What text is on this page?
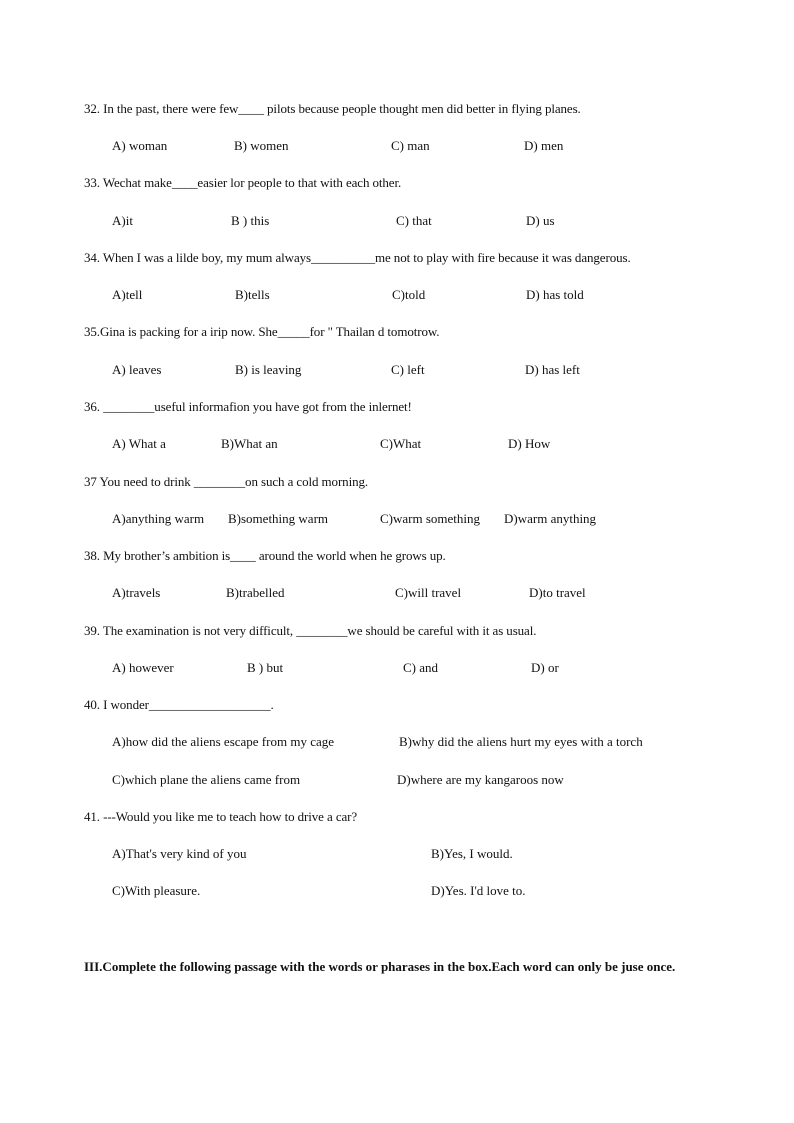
32. In the past, there were few____ pilots because people thought men did better in flying planes.
A) woman	B) women	C) man	D) men
33. Wechat make____easier lor people to that with each other.
A)it	B ) this	C) that	D) us
34. When I was a lilde boy, my mum always__________me not to play with fire because it was dangerous.
A)tell	B)tells	C)told	D) has told
35.Gina is packing for a irip now. She_____for " Thailan d tomotrow.
A) leaves	B) is leaving	C) left	D) has left
36. ________useful informafion you have got from the inlernet!
A) What a	B)What an	C)What	D) How
37 You need to drink ________on such a cold morning.
A)anything warm B)something warm	C)warm something D)warm anything
38. My brother’s ambition is____ around the world when he grows up.
A)travels	B)trabelled	C)will travel	D)to travel
39. The examination is not very difficult, ________we should be careful with it as usual.
A) however	B ) but	C) and	D) or
40. I wonder___________________.
A)how did the aliens escape from my cage	B)why did the aliens hurt my eyes with a torch
C)which plane the aliens came from	D)where are my kangaroos now
41. ---Would you like me to teach how to drive a car?
A)That's very kind of you	B)Yes, I would.
C)With pleasure.	D)Yes. I'd love to.
III.Complete the following passage with the words or pharases in the box.Each word can only be juse once.
